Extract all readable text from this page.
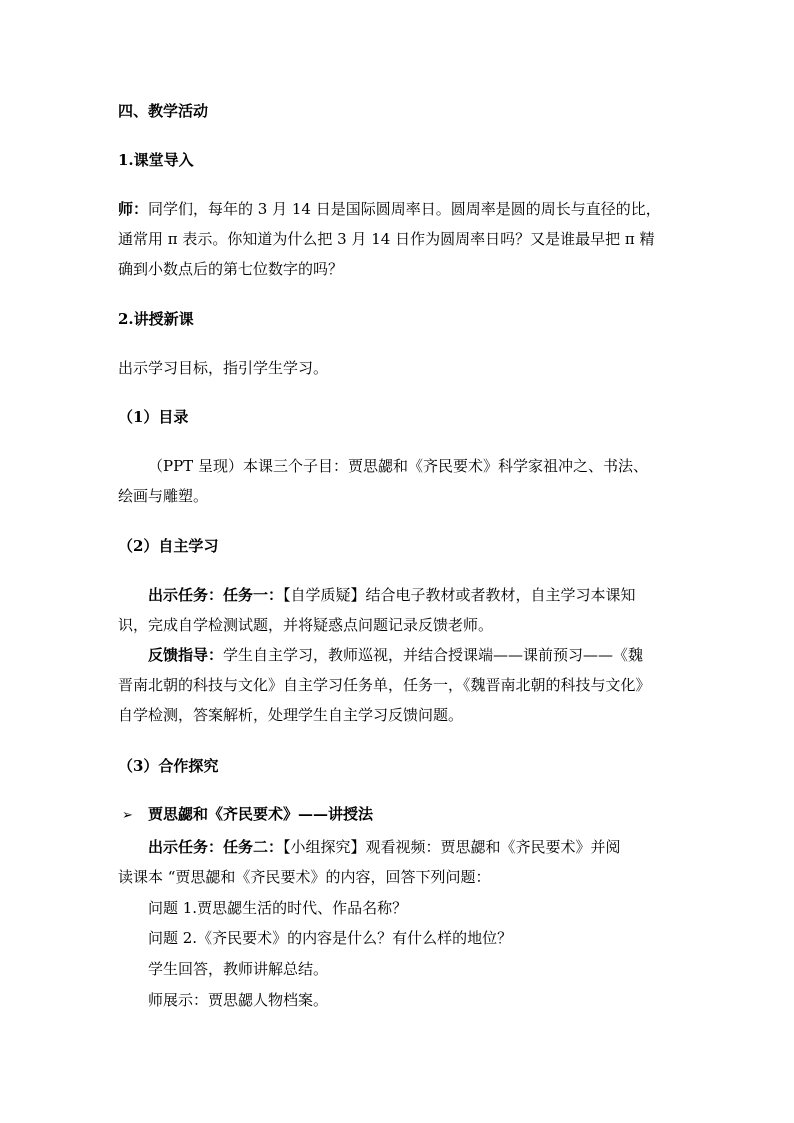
四、教学活动
1.课堂导入
师：同学们，每年的 3 月 14 日是国际圆周率日。圆周率是圆的周长与直径的比，
通常用 π 表示。你知道为什么把 3 月 14 日作为圆周率日吗？又是谁最早把 π 精
确到小数点后的第七位数字的吗？
2.讲授新课
出示学习目标，指引学生学习。
（1）目录
（PPT 呈现）本课三个子目：贾思勰和《齐民要术》科学家祖冲之、书法、
绘画与雕塑。
（2）自主学习
出示任务：任务一：【自学质疑】结合电子教材或者教材，自主学习本课知
识，完成自学检测试题，并将疑惑点问题记录反馈老师。
反馈指导：学生自主学习，教师巡视，并结合授课端——课前预习——《魏
晋南北朝的科技与文化》自主学习任务单，任务一，《魏晋南北朝的科技与文化》
自学检测，答案解析，处理学生自主学习反馈问题。
（3）合作探究
➢ 贾思勰和《齐民要术》——讲授法
出示任务：任务二：【小组探究】观看视频：贾思勰和《齐民要术》并阅
读课本 “贾思勰和《齐民要术》的内容，回答下列问题：
问题 1.贾思勰生活的时代、作品名称？
问题 2.《齐民要术》的内容是什么？有什么样的地位？
学生回答，教师讲解总结。
师展示：贾思勰人物档案。
